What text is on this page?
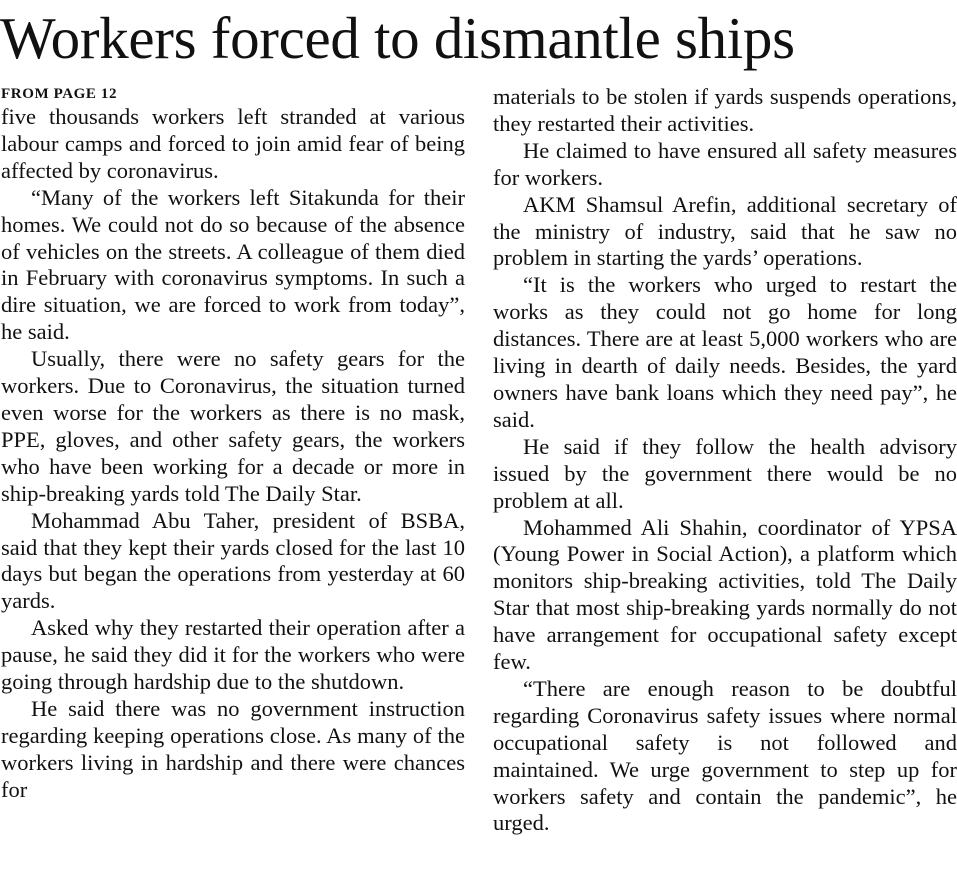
Workers forced to dismantle ships
FROM PAGE 12

five thousands workers left stranded at various labour camps and forced to join amid fear of being affected by coronavirus.

“Many of the workers left Sitakunda for their homes. We could not do so because of the absence of vehicles on the streets. A colleague of them died in February with coronavirus symptoms. In such a dire situation, we are forced to work from today”, he said.

Usually, there were no safety gears for the workers. Due to Coronavirus, the situation turned even worse for the workers as there is no mask, PPE, gloves, and other safety gears, the workers who have been working for a decade or more in ship-breaking yards told The Daily Star.

Mohammad Abu Taher, president of BSBA, said that they kept their yards closed for the last 10 days but began the operations from yesterday at 60 yards.

Asked why they restarted their operation after a pause, he said they did it for the workers who were going through hardship due to the shutdown.

He said there was no government instruction regarding keeping operations close. As many of the workers living in hardship and there were chances for

materials to be stolen if yards suspends operations, they restarted their activities.

He claimed to have ensured all safety measures for workers.

AKM Shamsul Arefin, additional secretary of the ministry of industry, said that he saw no problem in starting the yards’ operations.

“It is the workers who urged to restart the works as they could not go home for long distances. There are at least 5,000 workers who are living in dearth of daily needs. Besides, the yard owners have bank loans which they need pay”, he said.

He said if they follow the health advisory issued by the government there would be no problem at all.

Mohammed Ali Shahin, coordinator of YPSA (Young Power in Social Action), a platform which monitors ship-breaking activities, told The Daily Star that most ship-breaking yards normally do not have arrangement for occupational safety except few.

“There are enough reason to be doubtful regarding Coronavirus safety issues where normal occupational safety is not followed and maintained. We urge government to step up for workers safety and contain the pandemic”, he urged.
